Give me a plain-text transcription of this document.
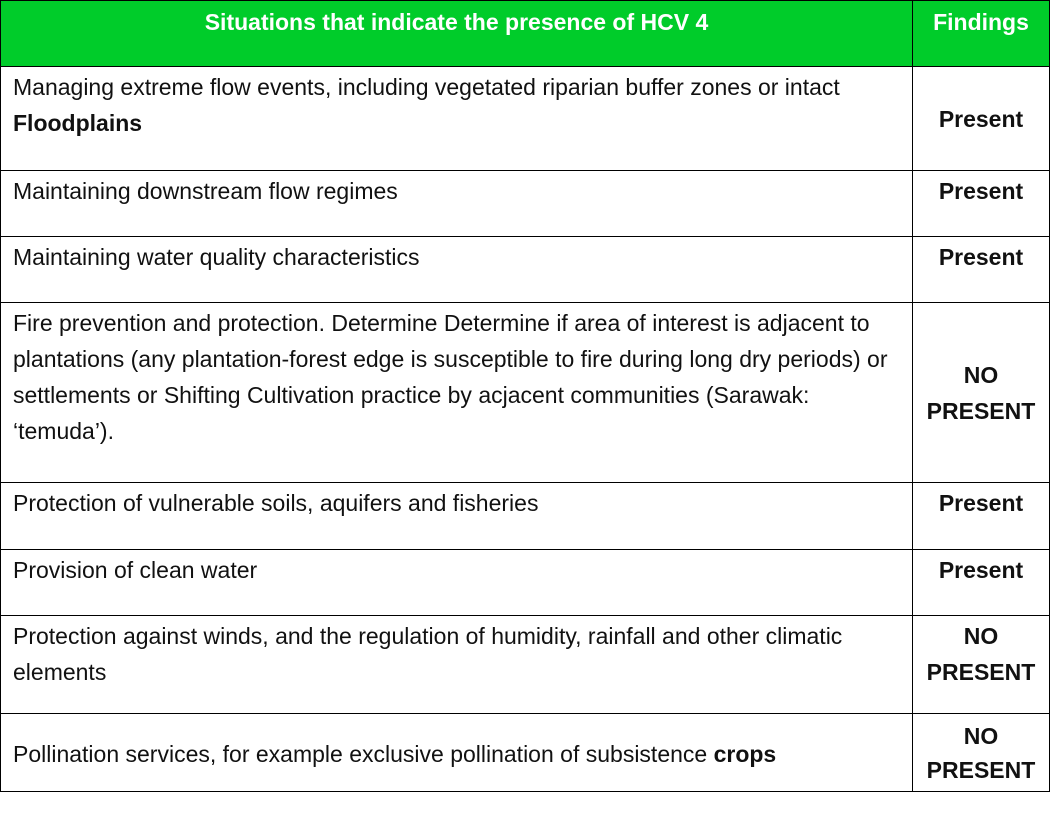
Situations that indicate the presence of HCV 4	Findings
Managing extreme flow events, including vegetated riparian buffer zones or intact Floodplains	Present
Maintaining downstream flow regimes	Present
Maintaining water quality characteristics	Present
Fire prevention and protection. Determine Determine if area of interest is adjacent to plantations (any plantation-forest edge is susceptible to fire during long dry periods) or settlements or Shifting Cultivation practice by acjacent communities (Sarawak: ‘temuda’).	NO
PRESENT
Protection of vulnerable soils, aquifers and fisheries	Present
Provision of clean water	Present
Protection against winds, and the regulation of humidity, rainfall and other climatic elements	NO
PRESENT
Pollination services, for example exclusive pollination of subsistence crops	NO
PRESENT
